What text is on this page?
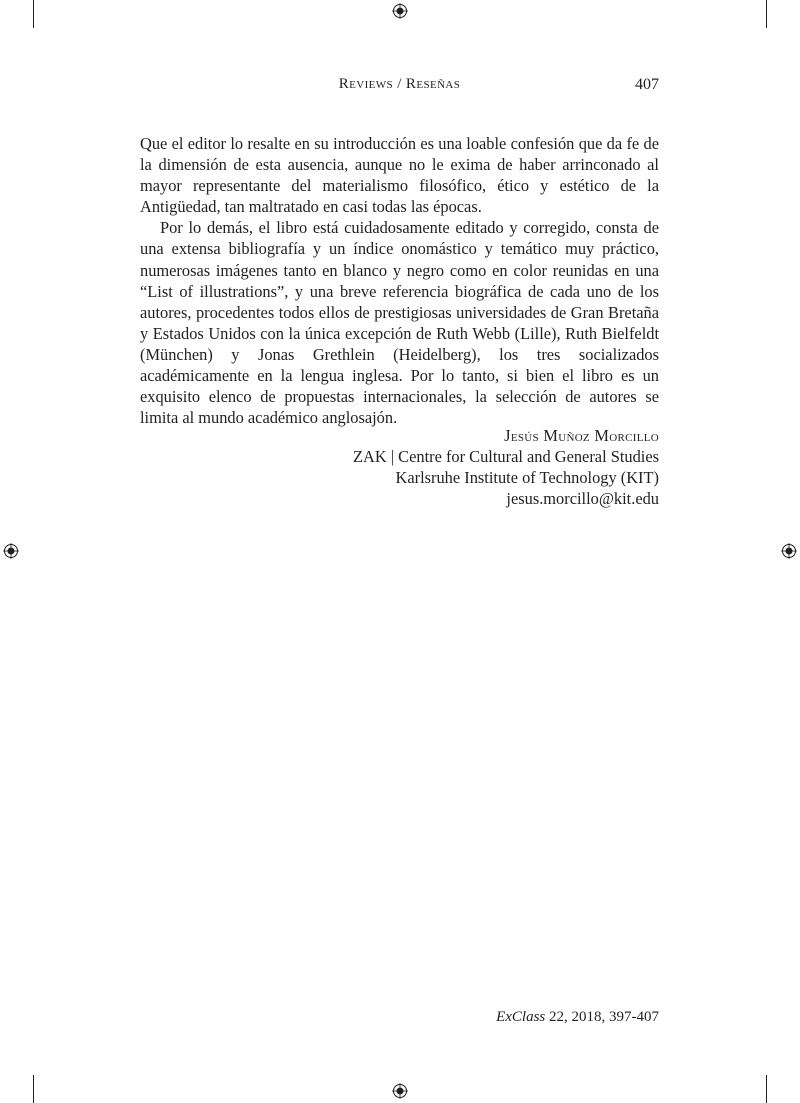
Reviews / Reseñas	407

Que el editor lo resalte en su introducción es una loable confesión que da fe de la dimensión de esta ausencia, aunque no le exima de haber arrinconado al mayor representante del materialismo filosófico, ético y estético de la Antigüedad, tan maltratado en casi todas las épocas.

Por lo demás, el libro está cuidadosamente editado y corregido, consta de una extensa bibliografía y un índice onomástico y temático muy práctico, numerosas imágenes tanto en blanco y negro como en color reunidas en una “List of illustrations”, y una breve referencia biográfica de cada uno de los autores, procedentes todos ellos de prestigiosas universidades de Gran Bretaña y Estados Unidos con la única excepción de Ruth Webb (Lille), Ruth Bielfeldt (München) y Jonas Grethlein (Heidelberg), los tres socializados académicamente en la lengua inglesa. Por lo tanto, si bien el libro es un exquisito elenco de propuestas internacionales, la selección de autores se limita al mundo académico anglosajón.

Jesús Muñoz Morcillo
ZAK | Centre for Cultural and General Studies
Karlsruhe Institute of Technology (KIT)
jesus.morcillo@kit.edu
ExClass 22, 2018, 397-407
